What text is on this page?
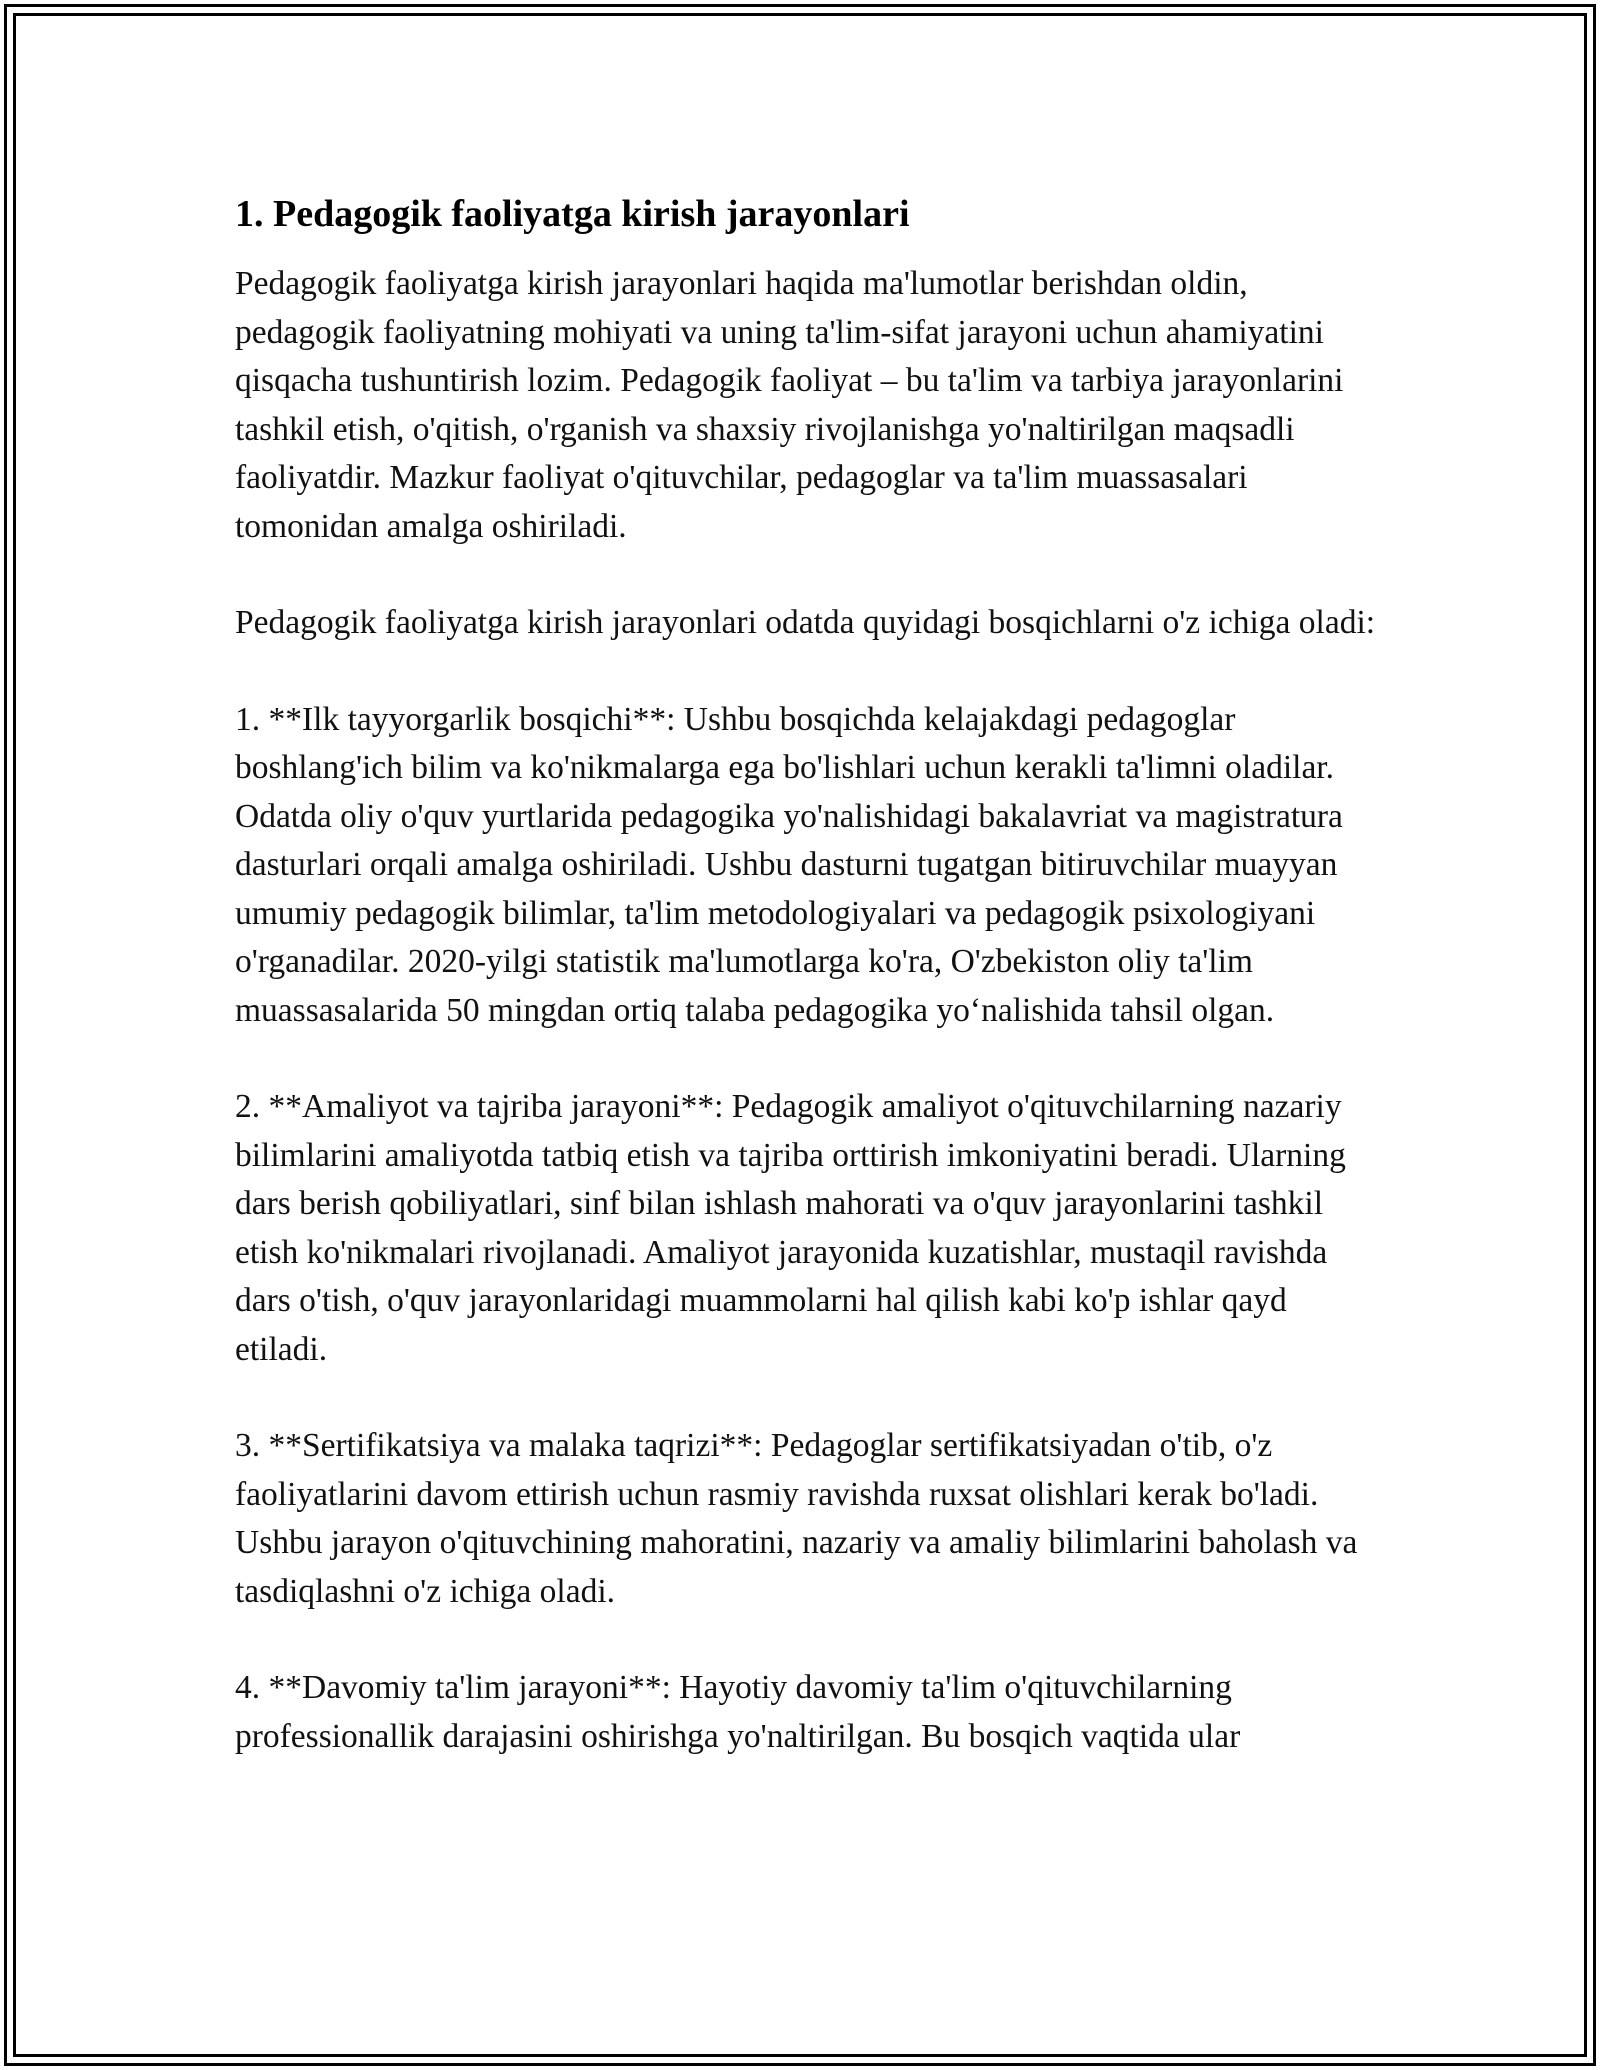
1. Pedagogik faoliyatga kirish jarayonlari

Pedagogik faoliyatga kirish jarayonlari haqida ma'lumotlar berishdan oldin, pedagogik faoliyatning mohiyati va uning ta'lim-sifat jarayoni uchun ahamiyatini qisqacha tushuntirish lozim. Pedagogik faoliyat – bu ta'lim va tarbiya jarayonlarini tashkil etish, o'qitish, o'rganish va shaxsiy rivojlanishga yo'naltirilgan maqsadli faoliyatdir. Mazkur faoliyat o'qituvchilar, pedagoglar va ta'lim muassasalari tomonidan amalga oshiriladi.

Pedagogik faoliyatga kirish jarayonlari odatda quyidagi bosqichlarni o'z ichiga oladi:

1. **Ilk tayyorgarlik bosqichi**: Ushbu bosqichda kelajakdagi pedagoglar boshlang'ich bilim va ko'nikmalarga ega bo'lishlari uchun kerakli ta'limni oladilar. Odatda oliy o'quv yurtlarida pedagogika yo'nalishidagi bakalavriat va magistratura dasturlari orqali amalga oshiriladi. Ushbu dasturni tugatgan bitiruvchilar muayyan umumiy pedagogik bilimlar, ta'lim metodologiyalari va pedagogik psixologiyani o'rganadilar. 2020-yilgi statistik ma'lumotlarga ko'ra, O'zbekiston oliy ta'lim muassasalarida 50 mingdan ortiq talaba pedagogika yo‘nalishida tahsil olgan.

2. **Amaliyot va tajriba jarayoni**: Pedagogik amaliyot o'qituvchilarning nazariy bilimlarini amaliyotda tatbiq etish va tajriba orttirish imkoniyatini beradi. Ularning dars berish qobiliyatlari, sinf bilan ishlash mahorati va o'quv jarayonlarini tashkil etish ko'nikmalari rivojlanadi. Amaliyot jarayonida kuzatishlar, mustaqil ravishda dars o'tish, o'quv jarayonlaridagi muammolarni hal qilish kabi ko'p ishlar qayd etiladi.

3. **Sertifikatsiya va malaka taqrizi**: Pedagoglar sertifikatsiyadan o'tib, o'z faoliyatlarini davom ettirish uchun rasmiy ravishda ruxsat olishlari kerak bo'ladi. Ushbu jarayon o'qituvchining mahoratini, nazariy va amaliy bilimlarini baholash va tasdiqlashni o'z ichiga oladi.

4. **Davomiy ta'lim jarayoni**: Hayotiy davomiy ta'lim o'qituvchilarning professionallik darajasini oshirishga yo'naltirilgan. Bu bosqich vaqtida ular
